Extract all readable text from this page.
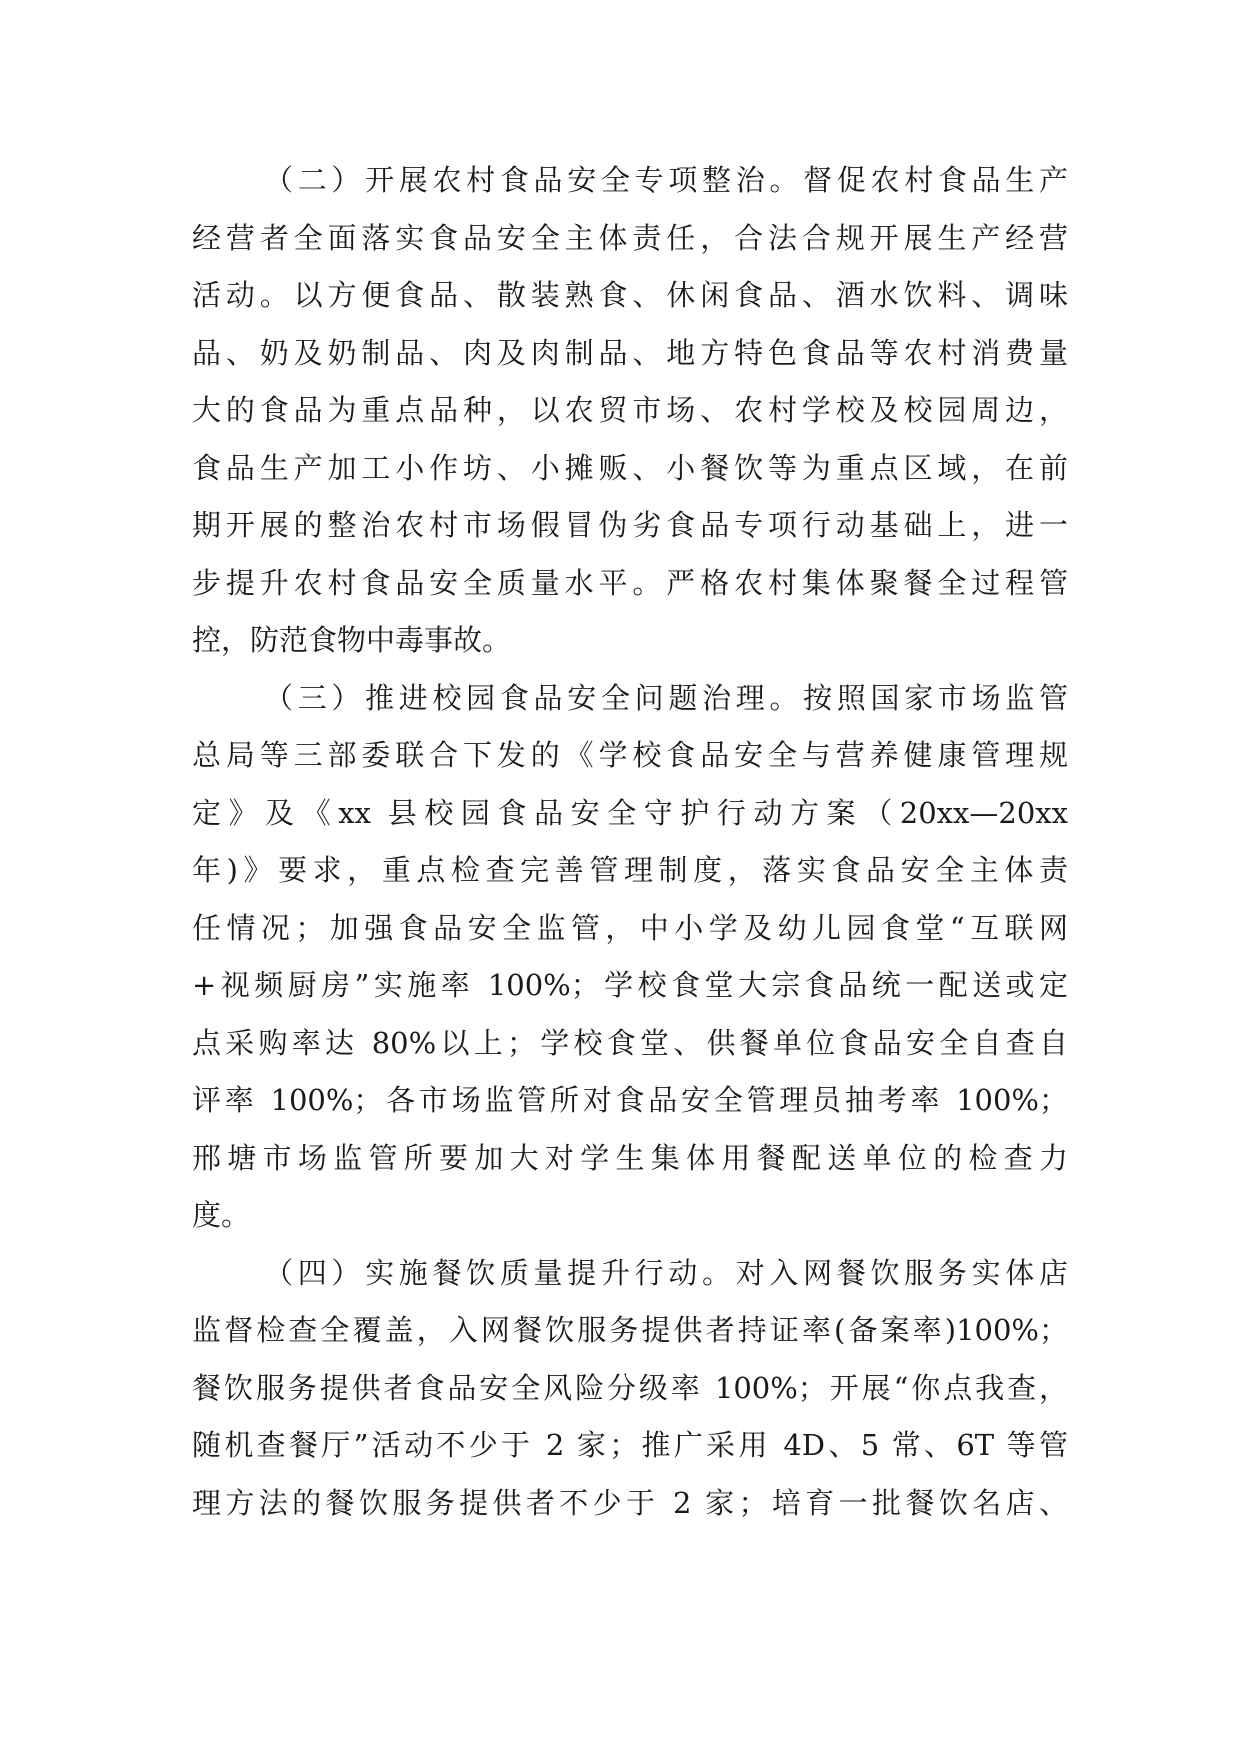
（二）开展农村食品安全专项整治。督促农村食品生产
经营者全面落实食品安全主体责任，合法合规开展生产经营
活动。以方便食品、散装熟食、休闲食品、酒水饮料、调味
品、奶及奶制品、肉及肉制品、地方特色食品等农村消费量
大的食品为重点品种，以农贸市场、农村学校及校园周边，
食品生产加工小作坊、小摊贩、小餐饮等为重点区域，在前
期开展的整治农村市场假冒伪劣食品专项行动基础上，进一
步提升农村食品安全质量水平。严格农村集体聚餐全过程管
控，防范食物中毒事故。
（三）推进校园食品安全问题治理。按照国家市场监管
总局等三部委联合下发的《学校食品安全与营养健康管理规
定》及《xx 县校园食品安全守护行动方案（20xx—20xx
年)》要求，重点检查完善管理制度，落实食品安全主体责
任情况；加强食品安全监管，中小学及幼儿园食堂“互联网
+视频厨房”实施率 100%；学校食堂大宗食品统一配送或定
点采购率达 80%以上；学校食堂、供餐单位食品安全自查自
评率 100%；各市场监管所对食品安全管理员抽考率 100%；
邢塘市场监管所要加大对学生集体用餐配送单位的检查力
度。
（四）实施餐饮质量提升行动。对入网餐饮服务实体店
监督检查全覆盖，入网餐饮服务提供者持证率(备案率)100%；
餐饮服务提供者食品安全风险分级率 100%；开展“你点我查，
随机查餐厅”活动不少于 2 家；推广采用 4D、5 常、6T 等管
理方法的餐饮服务提供者不少于 2 家；培育一批餐饮名店、
